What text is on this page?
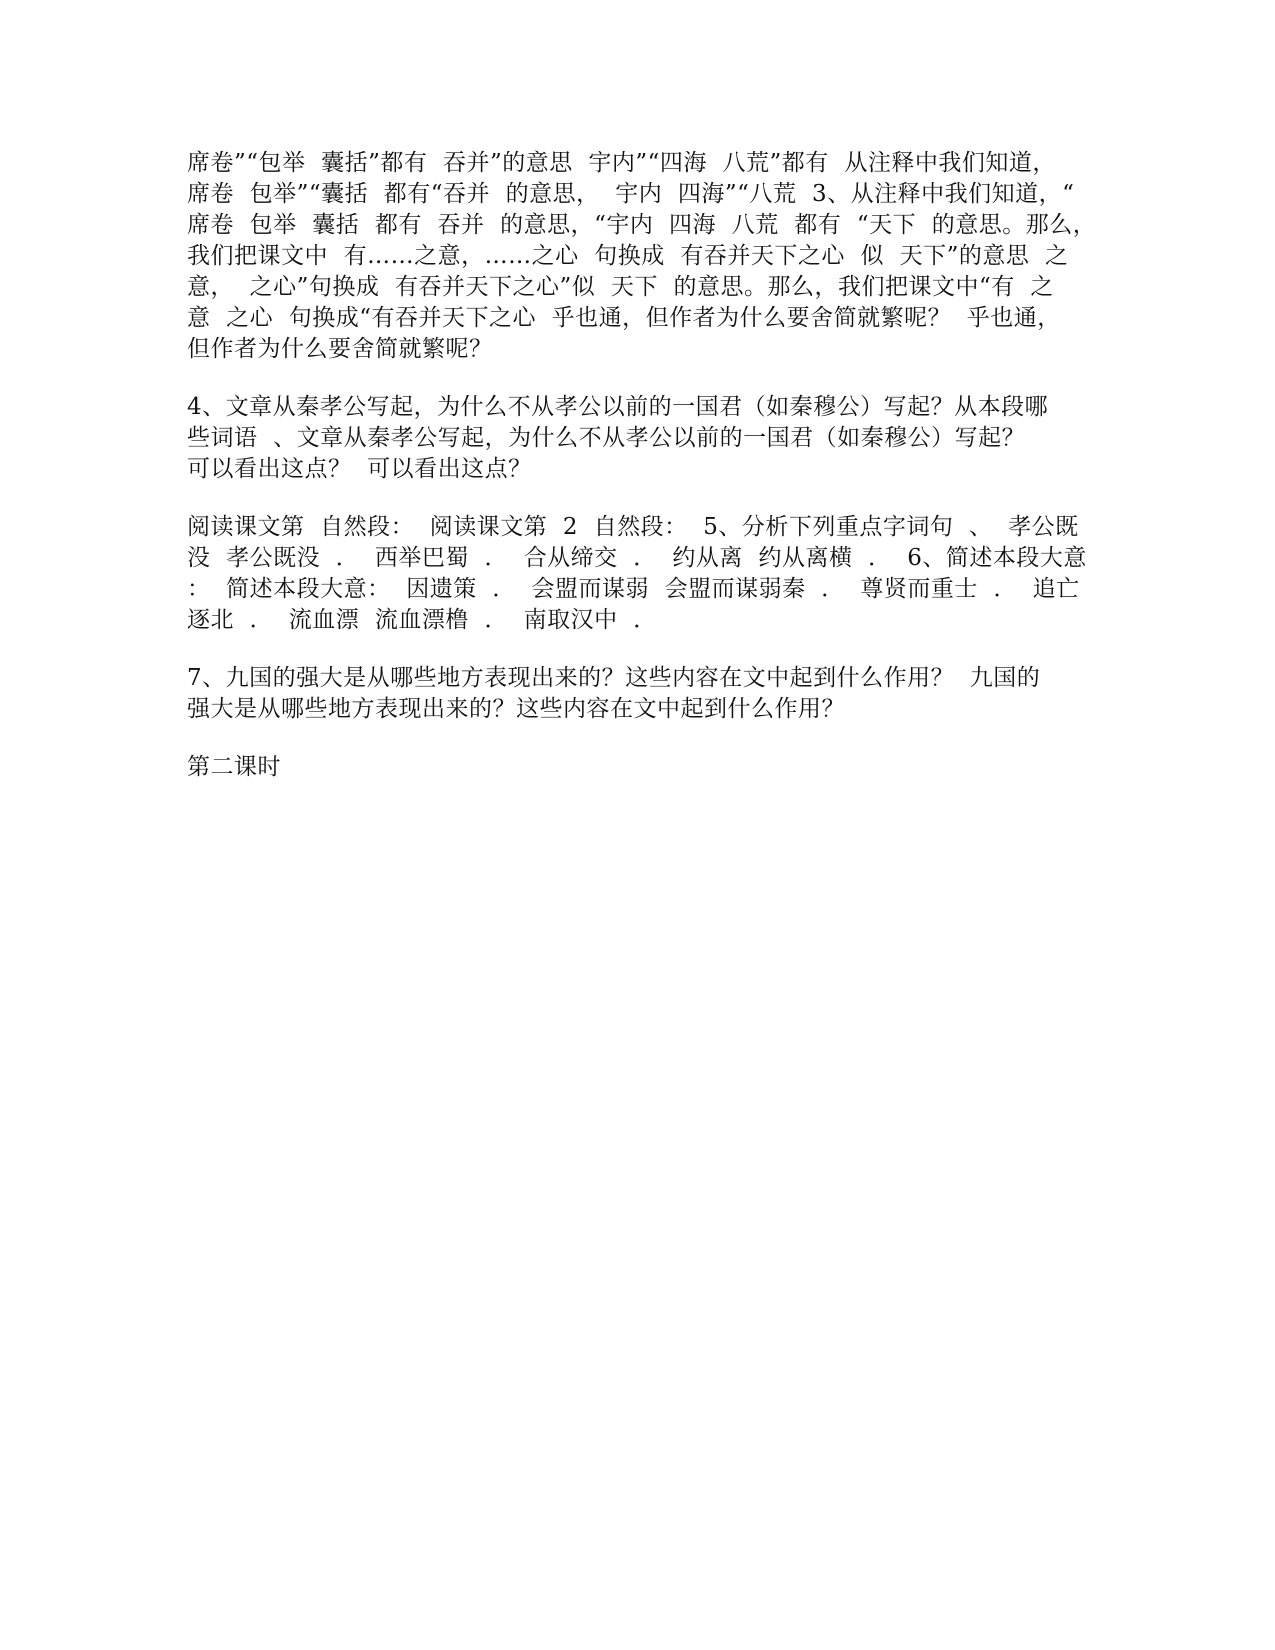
席卷”“包举  囊括”都有  吞并”的意思  宇内”“四海  八荒”都有  从注释中我们知道，
席卷  包举”“囊括  都有“吞并  的意思，  宇内  四海”“八荒  3、从注释中我们知道，“
席卷  包举  囊括  都有  吞并  的意思，“宇内  四海  八荒  都有  “天下  的意思。那么，
我们把课文中  有……之意，……之心  句换成  有吞并天下之心  似  天下”的意思  之
意，  之心”句换成  有吞并天下之心”似  天下  的意思。那么，我们把课文中“有  之
意  之心  句换成“有吞并天下之心  乎也通，但作者为什么要舍简就繁呢？  乎也通，
但作者为什么要舍简就繁呢？
4、文章从秦孝公写起，为什么不从孝公以前的一国君（如秦穆公）写起？从本段哪
些词语  、文章从秦孝公写起，为什么不从孝公以前的一国君（如秦穆公）写起？
可以看出这点？  可以看出这点？
阅读课文第  自然段：  阅读课文第  2  自然段：  5、分析下列重点字词句  、  孝公既
没  孝公既没  ．  西举巴蜀  ．  合从缔交  ．  约从离  约从离横  ．  6、简述本段大意
：  简述本段大意：  因遗策  ．  会盟而谋弱  会盟而谋弱秦  ．  尊贤而重士  ．  追亡
逐北  ．  流血漂  流血漂橹  ．  南取汉中  ．
7、九国的强大是从哪些地方表现出来的？这些内容在文中起到什么作用？  九国的
强大是从哪些地方表现出来的？这些内容在文中起到什么作用？
第二课时
